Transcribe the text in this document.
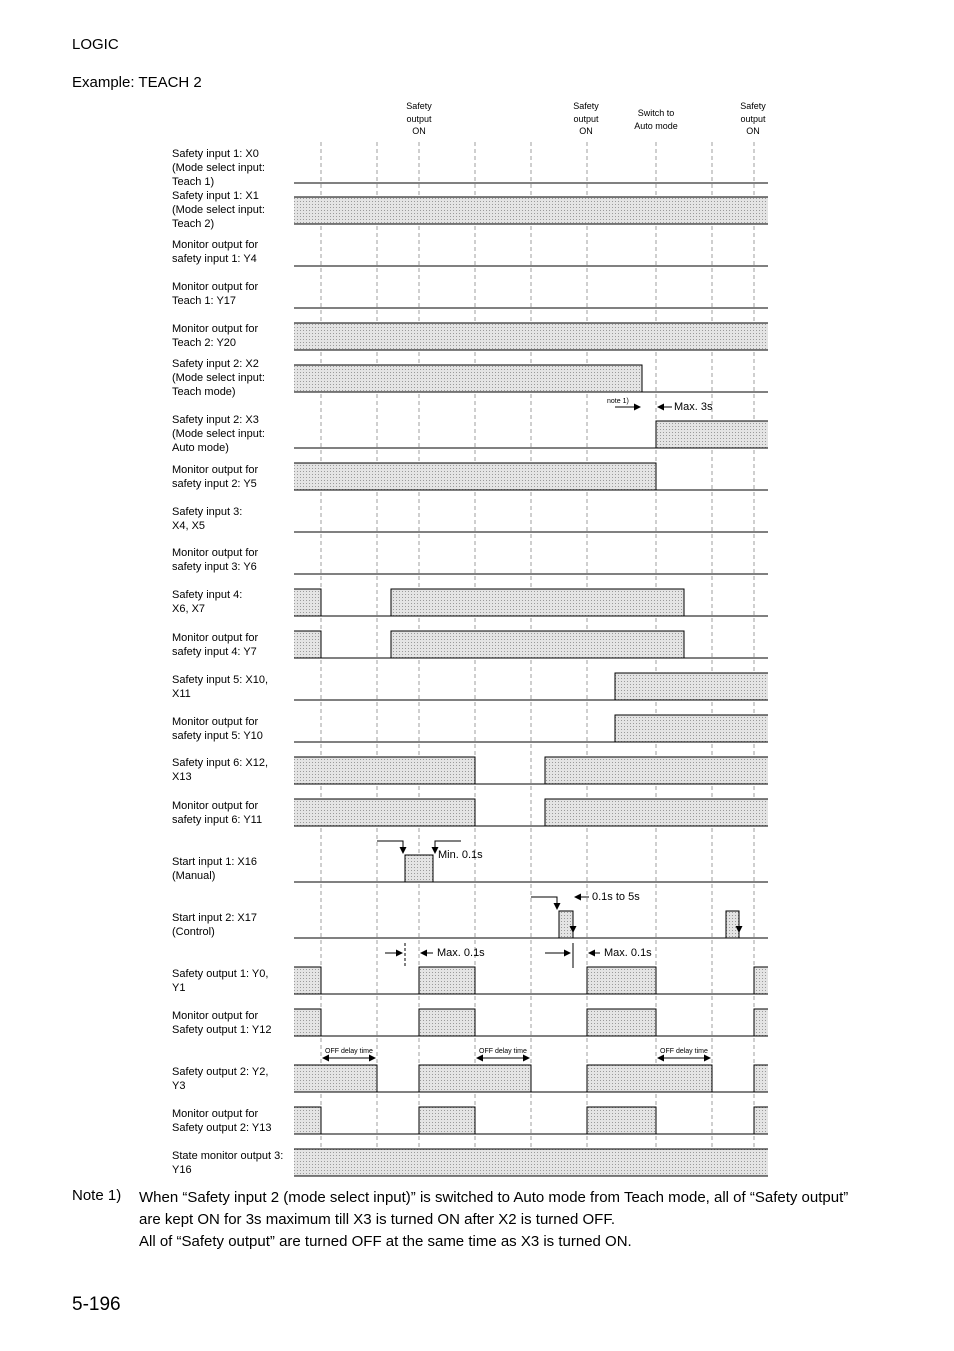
LOGIC
Example: TEACH 2
Safety
output
ON
Safety
output
ON
Switch to
Auto mode
Safety
output
ON
Safety input 1: X0
(Mode select input:
Teach 1)
Safety input 1: X1
(Mode select input:
Teach 2)
Monitor output for
safety input 1: Y4
Monitor output for
Teach 1: Y17
Monitor output for
Teach 2: Y20
Safety input 2: X2
(Mode select input:
Teach mode)
Safety input 2: X3
(Mode select input:
Auto mode)
Monitor output for
safety input 2: Y5
Safety input 3:
X4, X5
Monitor output for
safety input 3: Y6
Safety input 4:
X6, X7
Monitor output for
safety input 4: Y7
Safety input 5: X10,
X11
Monitor output for
safety input 5: Y10
Safety input 6: X12,
X13
Monitor output for
safety input 6: Y11
Start input 1: X16
(Manual)
Start input 2: X17
(Control)
Safety output 1: Y0,
Y1
Monitor output for
Safety output 1: Y12
Safety output 2: Y2,
Y3
Monitor output for
Safety output 2: Y13
State monitor output 3:
Y16
note 1)	Max. 3s
Min. 0.1s
0.1s to 5s
Max. 0.1s	Max. 0.1s
OFF delay time	OFF delay time	OFF delay time
Note 1) When “Safety input 2 (mode select input)” is switched to Auto mode from Teach mode, all of “Safety output”
are kept ON for 3s maximum till X3 is turned ON after X2 is turned OFF.
All of “Safety output” are turned OFF at the same time as X3 is turned ON.
5-196
